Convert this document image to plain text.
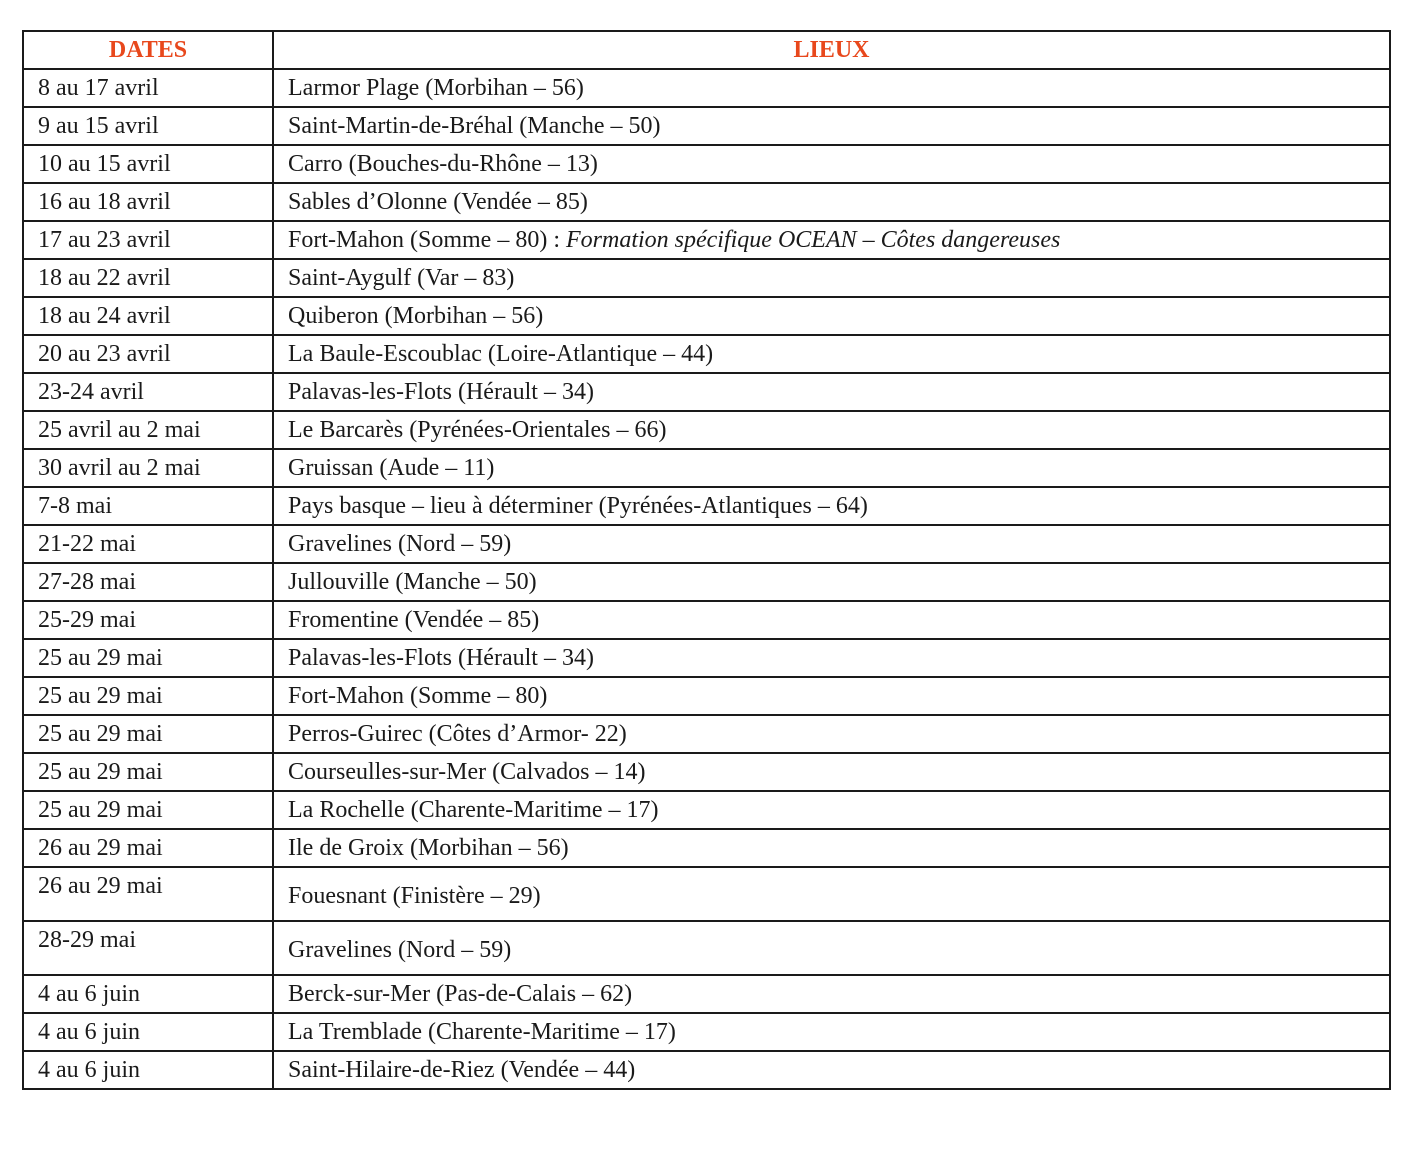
DATES	LIEUX
8 au 17 avril	Larmor Plage (Morbihan – 56)
9 au 15 avril	Saint-Martin-de-Bréhal (Manche – 50)
10 au 15 avril	Carro (Bouches-du-Rhône – 13)
16 au 18 avril	Sables d’Olonne (Vendée – 85)
17 au 23 avril	Fort-Mahon (Somme – 80) : Formation spécifique OCEAN – Côtes dangereuses
18 au 22 avril	Saint-Aygulf (Var – 83)
18 au 24 avril	Quiberon (Morbihan – 56)
20 au 23 avril	La Baule-Escoublac (Loire-Atlantique – 44)
23-24 avril	Palavas-les-Flots (Hérault – 34)
25 avril au 2 mai	Le Barcarès (Pyrénées-Orientales – 66)
30 avril au 2 mai	Gruissan (Aude – 11)
7-8 mai	Pays basque – lieu à déterminer (Pyrénées-Atlantiques – 64)
21-22 mai	Gravelines (Nord – 59)
27-28 mai	Jullouville (Manche – 50)
25-29 mai	Fromentine (Vendée – 85)
25 au 29 mai	Palavas-les-Flots (Hérault – 34)
25 au 29 mai	Fort-Mahon (Somme – 80)
25 au 29 mai	Perros-Guirec (Côtes d’Armor- 22)
25 au 29 mai	Courseulles-sur-Mer (Calvados – 14)
25 au 29 mai	La Rochelle (Charente-Maritime – 17)
26 au 29 mai	Ile de Groix (Morbihan – 56)
26 au 29 mai	Fouesnant (Finistère – 29)
28-29 mai	Gravelines (Nord – 59)
4 au 6 juin	Berck-sur-Mer (Pas-de-Calais – 62)
4 au 6 juin	La Tremblade (Charente-Maritime – 17)
4 au 6 juin	Saint-Hilaire-de-Riez (Vendée – 44)
